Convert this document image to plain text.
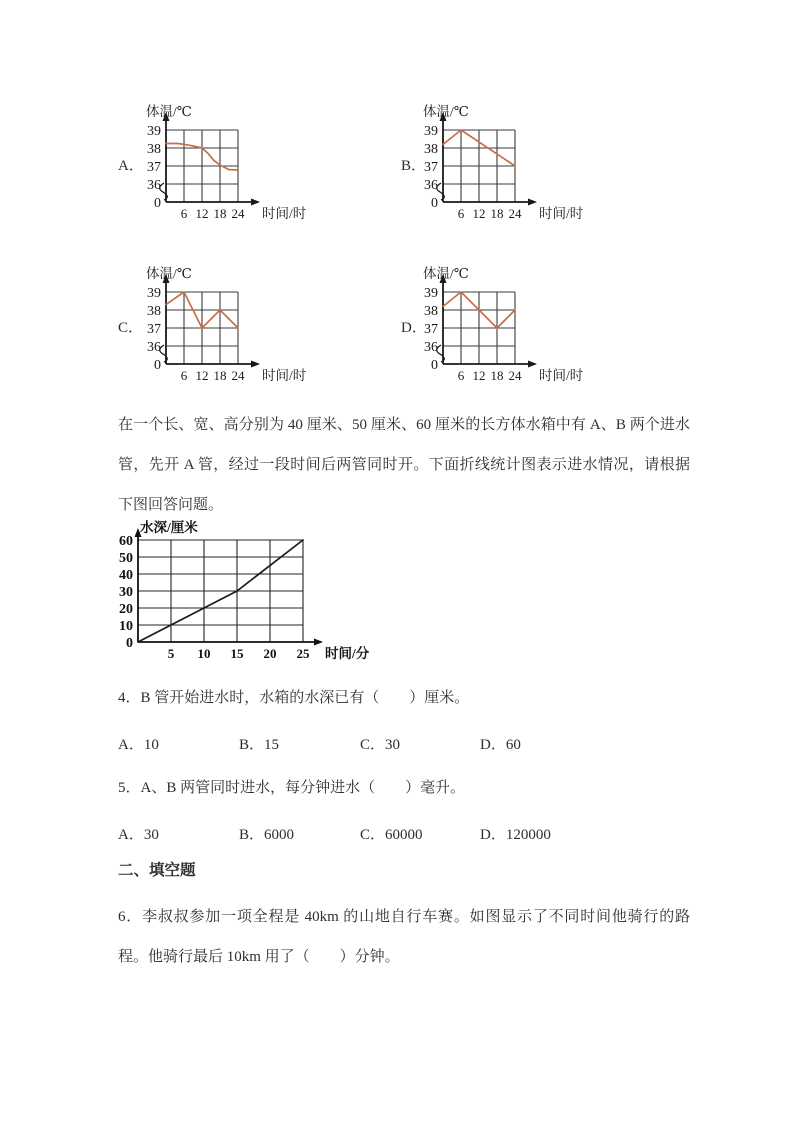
A．
39
38
37
36
0
6 12 18 24
体温/℃
时间/时
B．
39
38
37
36
0
6 12 18 24
体温/℃
时间/时
C．
39
38
37
36
0
6 12 18 24
体温/℃
时间/时
D．
39
38
37
36
0
6 12 18 24
体温/℃
时间/时
在一个长、宽、高分别为 40 厘米、50 厘米、60 厘米的长方体水箱中有 A、B 两个进水管，先开 A 管，经过一段时间后两管同时开。下面折线统计图表示进水情况，请根据下图回答问题。
60
50
40
30
20
10
0
5 10 15 20 25
水深/厘米
时间/分
4．B 管开始进水时，水箱的水深已有（　　）厘米。
A．10	B．15	C．30	D．60
5．A、B 两管同时进水，每分钟进水（　　）毫升。
A．30	B．6000	C．60000	D．120000
二、填空题
6．李叔叔参加一项全程是 40km 的山地自行车赛。如图显示了不同时间他骑行的路程。他骑行最后 10km 用了（　　）分钟。
